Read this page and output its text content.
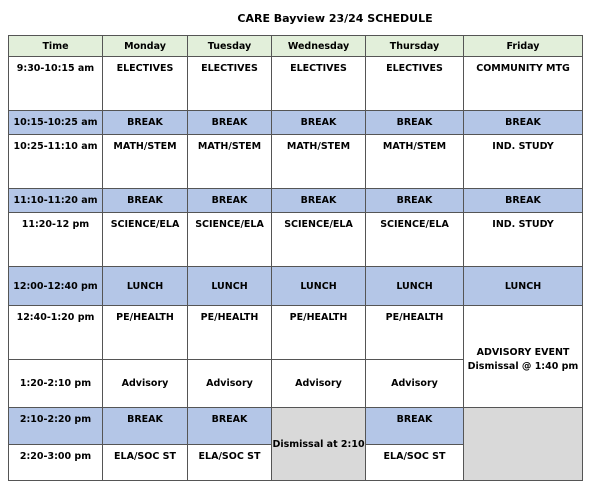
CARE Bayview 23/24 SCHEDULE
Time	Monday	Tuesday	Wednesday	Thursday	Friday
9:30-10:15 am	ELECTIVES	ELECTIVES	ELECTIVES	ELECTIVES	COMMUNITY MTG
10:15-10:25 am	BREAK	BREAK	BREAK	BREAK	BREAK
10:25-11:10 am	MATH/STEM	MATH/STEM	MATH/STEM	MATH/STEM	IND. STUDY
11:10-11:20 am	BREAK	BREAK	BREAK	BREAK	BREAK
11:20-12 pm	SCIENCE/ELA	SCIENCE/ELA	SCIENCE/ELA	SCIENCE/ELA	IND. STUDY
12:00-12:40 pm	LUNCH	LUNCH	LUNCH	LUNCH	LUNCH
12:40-1:20 pm	PE/HEALTH	PE/HEALTH	PE/HEALTH	PE/HEALTH	ADVISORY EVENT
Dismissal @ 1:40 pm

1:20-2:10 pm	Advisory	Advisory	Advisory	Advisory	
2:10-2:20 pm	BREAK	BREAK	Dismissal at 2:10	BREAK	
2:20-3:00 pm	ELA/SOC ST	ELA/SOC ST		ELA/SOC ST	
